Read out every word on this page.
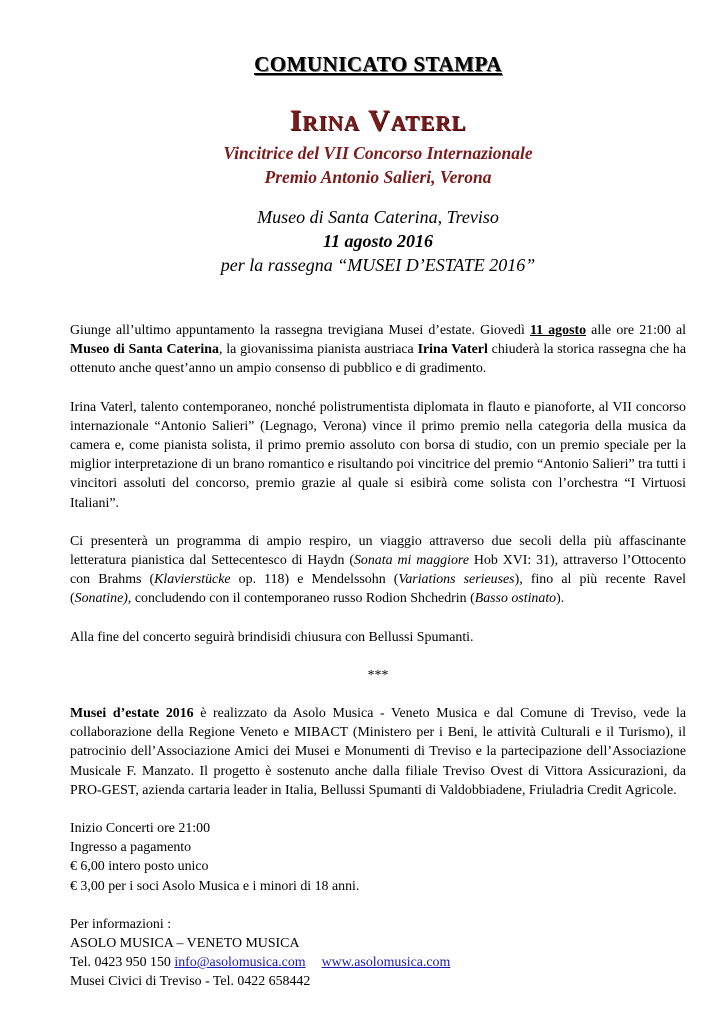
COMUNICATO STAMPA

Irina Vaterl

Vincitrice del VII Concorso Internazionale

Premio Antonio Salieri, Verona

Museo di Santa Caterina, Treviso

11 agosto 2016

per la rassegna “MUSEI D’ESTATE 2016”

Giunge all’ultimo appuntamento la rassegna trevigiana Musei d’estate. Giovedì 11 agosto alle ore 21:00 al Museo di Santa Caterina, la giovanissima pianista austriaca Irina Vaterl chiuderà la storica rassegna che ha ottenuto anche quest’anno un ampio consenso di pubblico e di gradimento.

Irina Vaterl, talento contemporaneo, nonché polistrumentista diplomata in flauto e pianoforte, al VII concorso internazionale “Antonio Salieri” (Legnago, Verona) vince il primo premio nella categoria della musica da camera e, come pianista solista, il primo premio assoluto con borsa di studio, con un premio speciale per la miglior interpretazione di un brano romantico e risultando poi vincitrice del premio “Antonio Salieri” tra tutti i vincitori assoluti del concorso, premio grazie al quale si esibirà come solista con l’orchestra “I Virtuosi Italiani”.

Ci presenterà un programma di ampio respiro, un viaggio attraverso due secoli della più affascinante letteratura pianistica dal Settecentesco di Haydn (Sonata mi maggiore Hob XVI: 31), attraverso l’Ottocento con Brahms (Klavierstücke op. 118) e Mendelssohn (Variations serieuses), fino al più recente Ravel (Sonatine), concludendo con il contemporaneo russo Rodion Shchedrin (Basso ostinato).

Alla fine del concerto seguirà brindisidi chiusura con Bellussi Spumanti.

***

Musei d’estate 2016 è realizzato da Asolo Musica - Veneto Musica e dal Comune di Treviso, vede la collaborazione della Regione Veneto e MIBACT (Ministero per i Beni, le attività Culturali e il Turismo), il patrocinio dell’Associazione Amici dei Musei e Monumenti di Treviso e la partecipazione dell’Associazione Musicale F. Manzato. Il progetto è sostenuto anche dalla filiale Treviso Ovest di Vittora Assicurazioni, da PRO-GEST, azienda cartaria leader in Italia, Bellussi Spumanti di Valdobbiadene, Friuladria Credit Agricole.

Inizio Concerti ore 21:00
Ingresso a pagamento
€ 6,00 intero posto unico
€ 3,00 per i soci Asolo Musica e i minori di 18 anni.
Per informazioni :
ASOLO MUSICA – VENETO MUSICA
Tel. 0423 950 150 info@asolomusica.com www.asolomusica.com
Musei Civici di Treviso - Tel. 0422 658442
